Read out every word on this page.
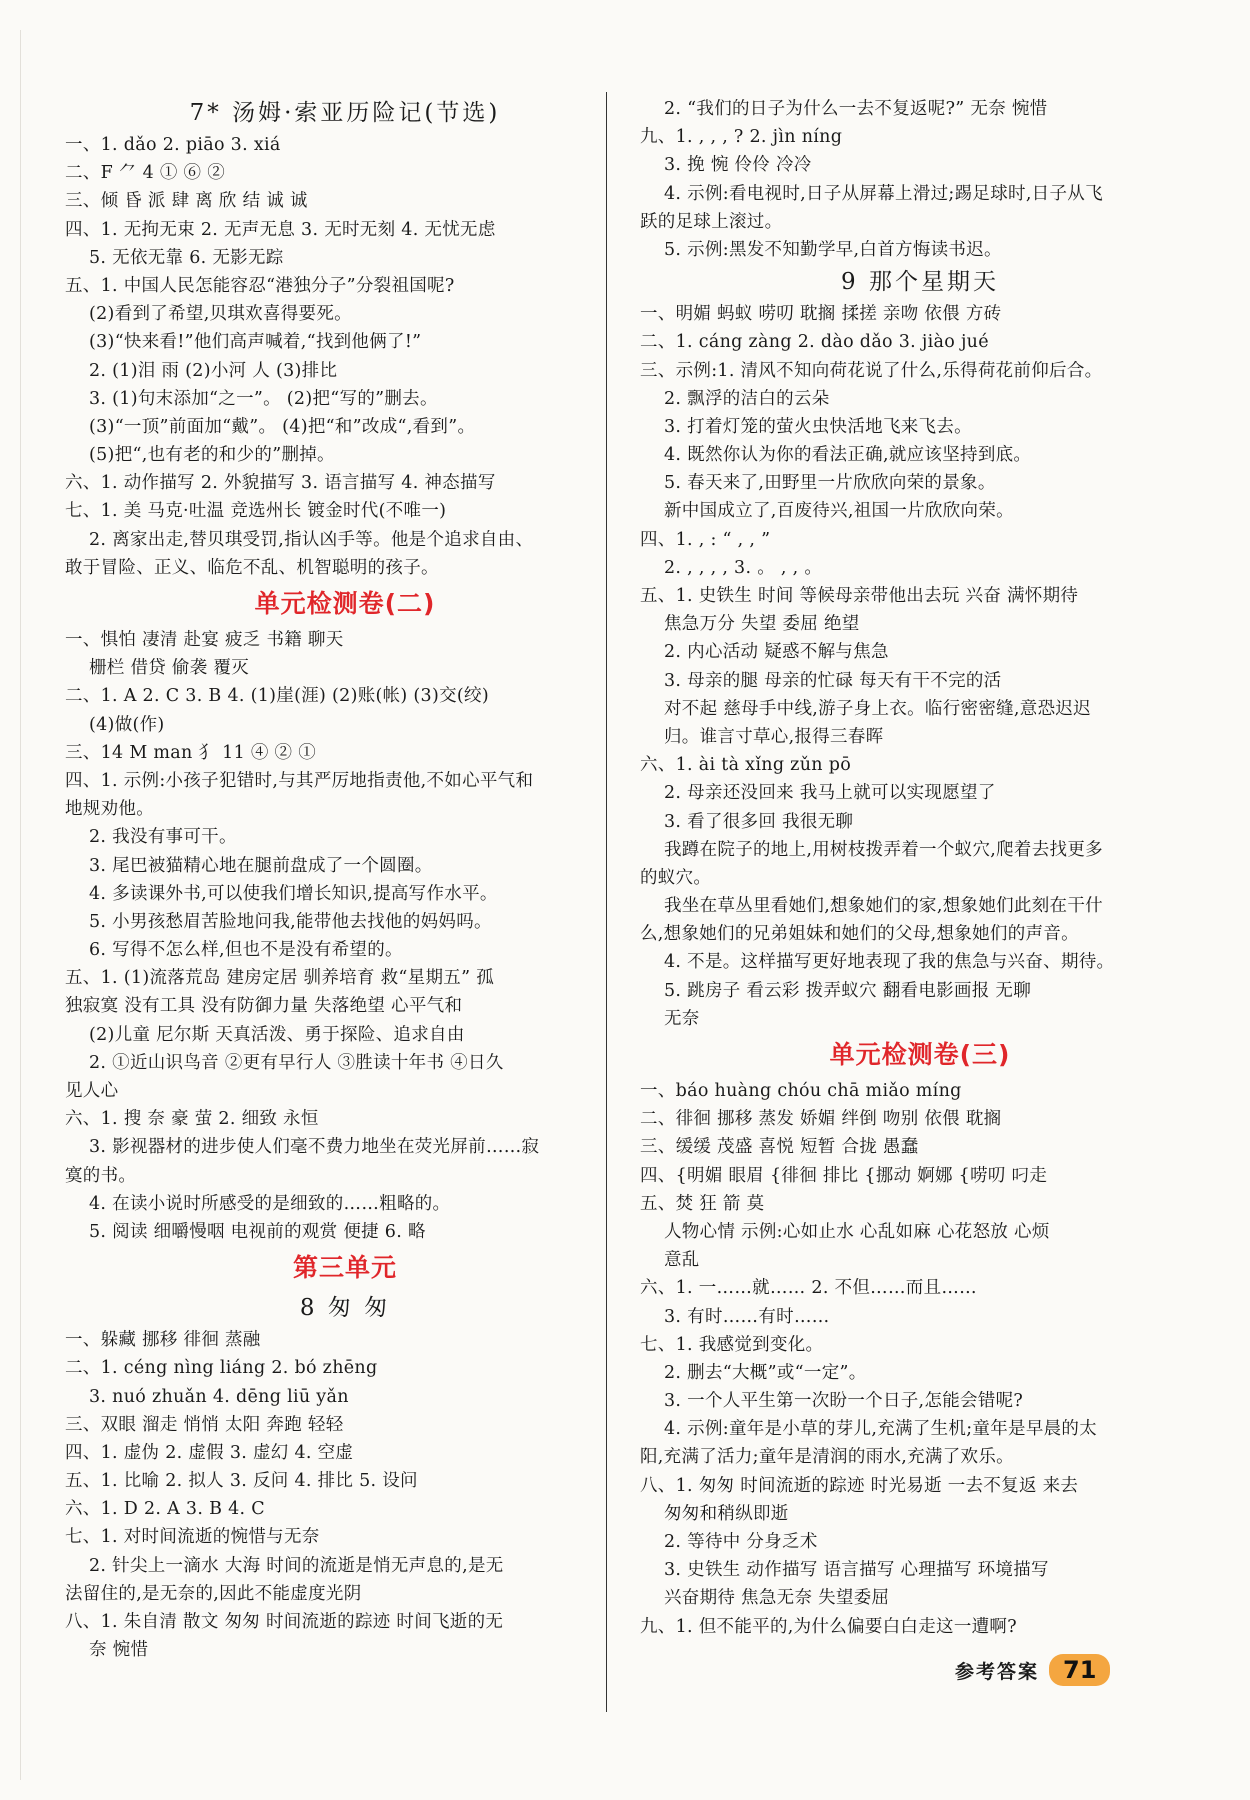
7* 汤姆·索亚历险记(节选)
一、1. dǎo 2. piāo 3. xiá
二、F ⺈ 4 ① ⑥ ②
三、倾 昏 派 肆 离 欣 结 诚 诚
四、1. 无拘无束 2. 无声无息 3. 无时无刻 4. 无忧无虑
5. 无依无靠 6. 无影无踪
五、1. 中国人民怎能容忍“港独分子”分裂祖国呢?
(2)看到了希望,贝琪欢喜得要死。
(3)“快来看!”他们高声喊着,“找到他俩了!”
2. (1)泪 雨 (2)小河 人 (3)排比
3. (1)句末添加“之一”。 (2)把“写的”删去。
(3)“一顶”前面加“戴”。 (4)把“和”改成“,看到”。
(5)把“,也有老的和少的”删掉。
六、1. 动作描写 2. 外貌描写 3. 语言描写 4. 神态描写
七、1. 美 马克·吐温 竞选州长 镀金时代(不唯一)
2. 离家出走,替贝琪受罚,指认凶手等。他是个追求自由、
敢于冒险、正义、临危不乱、机智聪明的孩子。
单元检测卷(二)
一、惧怕 凄清 赴宴 疲乏 书籍 聊天
栅栏 借贷 偷袭 覆灭
二、1. A 2. C 3. B 4. (1)崖(涯) (2)账(帐) (3)交(绞)
(4)做(作)
三、14 M man 犭 11 ④ ② ①
四、1. 示例:小孩子犯错时,与其严厉地指责他,不如心平气和
地规劝他。
2. 我没有事可干。
3. 尾巴被猫精心地在腿前盘成了一个圆圈。
4. 多读课外书,可以使我们增长知识,提高写作水平。
5. 小男孩愁眉苦脸地问我,能带他去找他的妈妈吗。
6. 写得不怎么样,但也不是没有希望的。
五、1. (1)流落荒岛 建房定居 驯养培育 救“星期五” 孤
独寂寞 没有工具 没有防御力量 失落绝望 心平气和
(2)儿童 尼尔斯 天真活泼、勇于探险、追求自由
2. ①近山识鸟音 ②更有早行人 ③胜读十年书 ④日久
见人心
六、1. 搜 奈 豪 萤 2. 细致 永恒
3. 影视器材的进步使人们毫不费力地坐在荧光屏前……寂
寞的书。
4. 在读小说时所感受的是细致的……粗略的。
5. 阅读 细嚼慢咽 电视前的观赏 便捷 6. 略
第三单元
8 匆 匆
一、躲藏 挪移 徘徊 蒸融
二、1. céng nìng liáng 2. bó zhēng
3. nuó zhuǎn 4. dēng liū yǎn
三、双眼 溜走 悄悄 太阳 奔跑 轻轻
四、1. 虚伪 2. 虚假 3. 虚幻 4. 空虚
五、1. 比喻 2. 拟人 3. 反问 4. 排比 5. 设问
六、1. D 2. A 3. B 4. C
七、1. 对时间流逝的惋惜与无奈
2. 针尖上一滴水 大海 时间的流逝是悄无声息的,是无
法留住的,是无奈的,因此不能虚度光阴
八、1. 朱自清 散文 匆匆 时间流逝的踪迹 时间飞逝的无
奈 惋惜
2. “我们的日子为什么一去不复返呢?” 无奈 惋惜
九、1. , , , ? 2. jìn níng
3. 挽 惋 伶伶 冷冷
4. 示例:看电视时,日子从屏幕上滑过;踢足球时,日子从飞
跃的足球上滚过。
5. 示例:黑发不知勤学早,白首方悔读书迟。
9 那个星期天
一、明媚 蚂蚁 唠叨 耽搁 揉搓 亲吻 依偎 方砖
二、1. cáng zàng 2. dào dǎo 3. jiào jué
三、示例:1. 清风不知向荷花说了什么,乐得荷花前仰后合。
2. 飘浮的洁白的云朵
3. 打着灯笼的萤火虫快活地飞来飞去。
4. 既然你认为你的看法正确,就应该坚持到底。
5. 春天来了,田野里一片欣欣向荣的景象。
新中国成立了,百废待兴,祖国一片欣欣向荣。
四、1. , : “ , , ”
2. , , , , 3. 。 , , 。
五、1. 史铁生 时间 等候母亲带他出去玩 兴奋 满怀期待
焦急万分 失望 委屈 绝望
2. 内心活动 疑惑不解与焦急
3. 母亲的腿 母亲的忙碌 每天有干不完的活
对不起 慈母手中线,游子身上衣。临行密密缝,意恐迟迟
归。谁言寸草心,报得三春晖
六、1. ài tà xǐng zǔn pō
2. 母亲还没回来 我马上就可以实现愿望了
3. 看了很多回 我很无聊
我蹲在院子的地上,用树枝拨弄着一个蚁穴,爬着去找更多
的蚁穴。
我坐在草丛里看她们,想象她们的家,想象她们此刻在干什
么,想象她们的兄弟姐妹和她们的父母,想象她们的声音。
4. 不是。这样描写更好地表现了我的焦急与兴奋、期待。
5. 跳房子 看云彩 拨弄蚁穴 翻看电影画报 无聊
无奈
单元检测卷(三)
一、báo huàng chóu chā miǎo míng
二、徘徊 挪移 蒸发 娇媚 绊倒 吻别 依偎 耽搁
三、缓缓 茂盛 喜悦 短暂 合拢 愚蠢
四、{明媚 眼眉 {徘徊 排比 {挪动 婀娜 {唠叨 叼走
五、焚 狂 箭 莫
人物心情 示例:心如止水 心乱如麻 心花怒放 心烦
意乱
六、1. 一……就…… 2. 不但……而且……
3. 有时……有时……
七、1. 我感觉到变化。
2. 删去“大概”或“一定”。
3. 一个人平生第一次盼一个日子,怎能会错呢?
4. 示例:童年是小草的芽儿,充满了生机;童年是早晨的太
阳,充满了活力;童年是清润的雨水,充满了欢乐。
八、1. 匆匆 时间流逝的踪迹 时光易逝 一去不复返 来去
匆匆和稍纵即逝
2. 等待中 分身乏术
3. 史铁生 动作描写 语言描写 心理描写 环境描写
兴奋期待 焦急无奈 失望委屈
九、1. 但不能平的,为什么偏要白白走这一遭啊?
参考答案	71
